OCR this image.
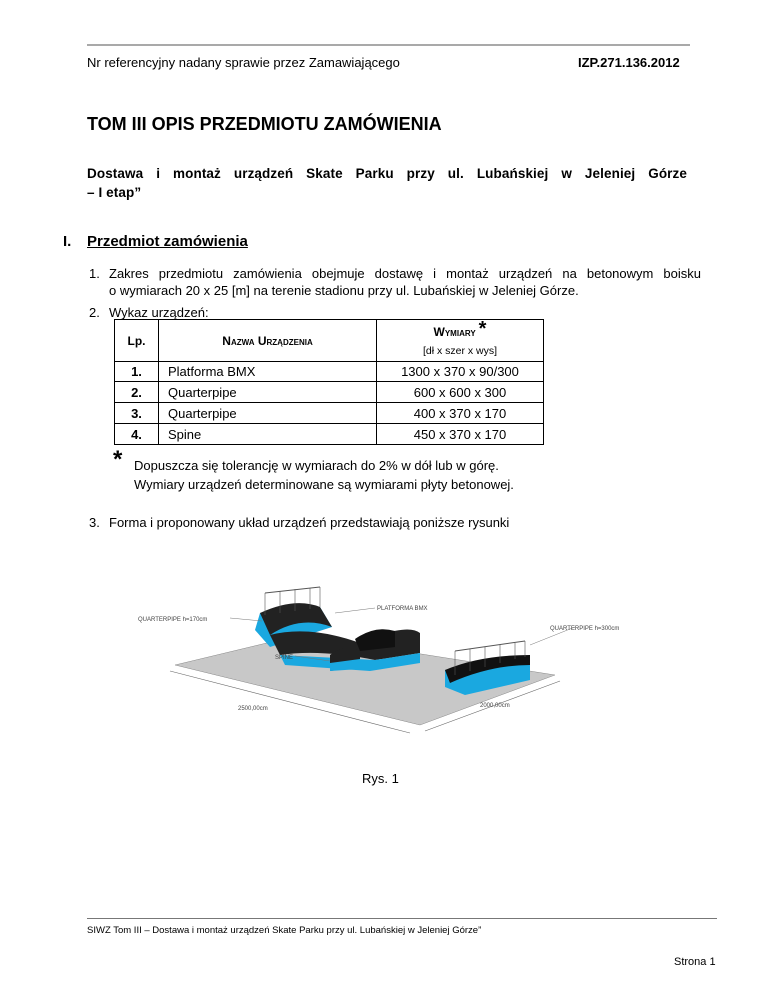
Nr referencyjny nadany sprawie przez Zamawiającego	IZP.271.136.2012
TOM III OPIS PRZEDMIOTU ZAMÓWIENIA
Dostawa i montaż urządzeń Skate Parku przy ul. Lubańskiej w Jeleniej Górze
– I etap”
I. Przedmiot zamówienia
1. Zakres przedmiotu zamówienia obejmuje dostawę i montaż urządzeń na betonowym boisku
o wymiarach 20 x 25 [m] na terenie stadionu przy ul. Lubańskiej w Jeleniej Górze.
2. Wykaz urządzeń:
Lp.	Nazwa Urządzenia	Wymiary *
[dł x szer x wys]

1.	Platforma BMX	1300 x 370 x 90/300
2.	Quarterpipe	600 x 600 x 300
3.	Quarterpipe	400 x 370 x 170
4.	Spine	450 x 370 x 170
* Dopuszcza się tolerancję w wymiarach do 2% w dół lub w górę.
Wymiary urządzeń determinowane są wymiarami płyty betonowej.
3. Forma i proponowany układ urządzeń przedstawiają poniższe rysunki
2500,00cm	2000,00cm
QUARTERPIPE h=170cm
PLATFORMA BMX
QUARTERPIPE h=300cm
SPINE
Rys. 1
SIWZ Tom III – Dostawa i montaż urządzeń Skate Parku przy ul. Lubańskiej w Jeleniej Górze”
Strona 1
